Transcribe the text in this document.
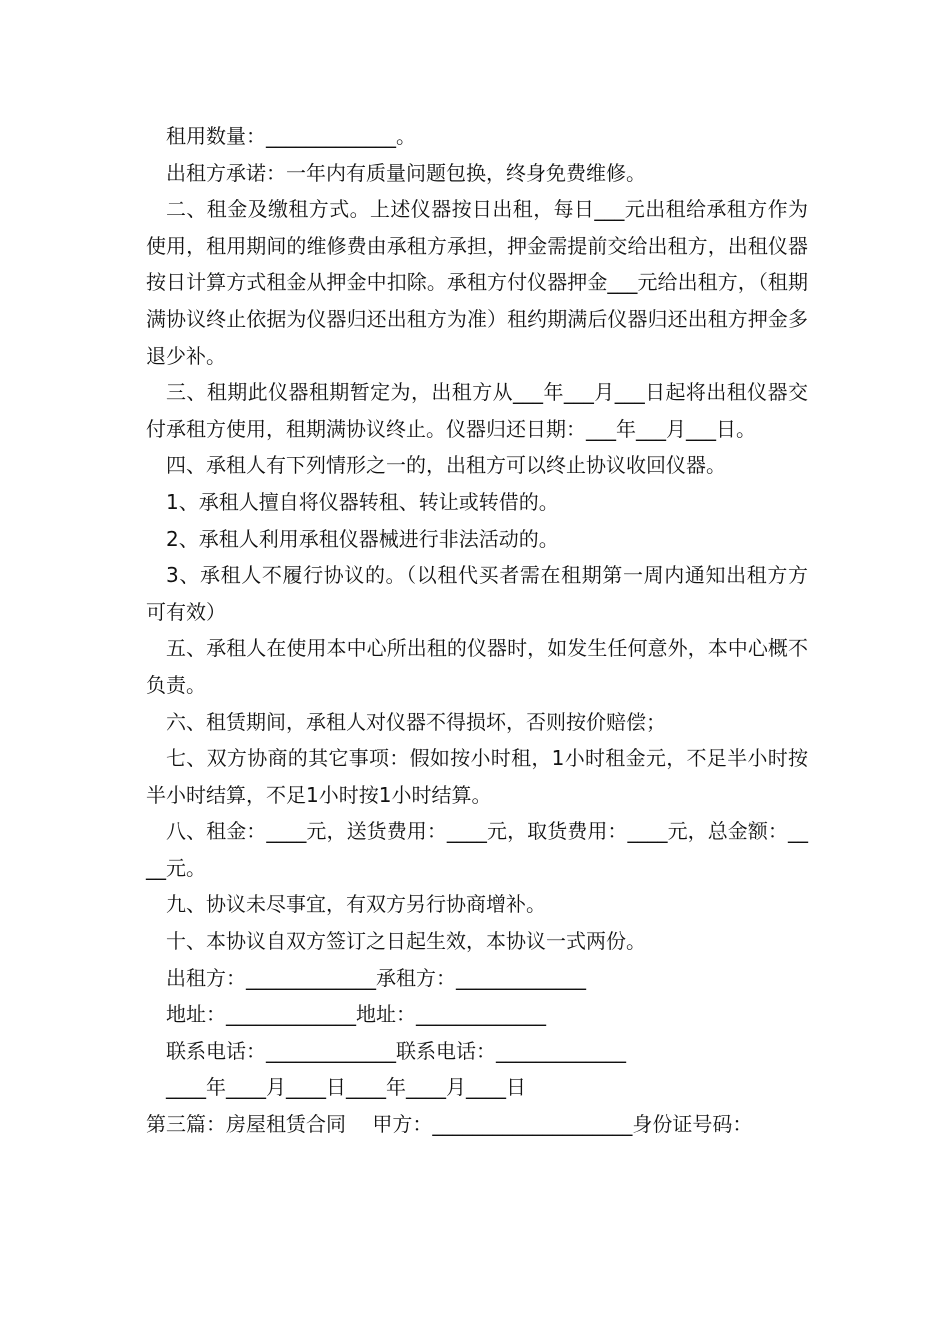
租用数量：_____________。

出租方承诺：一年内有质量问题包换，终身免费维修。

二、租金及缴租方式。上述仪器按日出租，每日___元出租给承租方作为使用，租用期间的维修费由承租方承担，押金需提前交给出租方，出租仪器按日计算方式租金从押金中扣除。承租方付仪器押金___元给出租方，（租期满协议终止依据为仪器归还出租方为准）租约期满后仪器归还出租方押金多退少补。

三、租期此仪器租期暂定为，出租方从___年___月___日起将出租仪器交付承租方使用，租期满协议终止。仪器归还日期：___年___月___日。

四、承租人有下列情形之一的，出租方可以终止协议收回仪器。

1、承租人擅自将仪器转租、转让或转借的。

2、承租人利用承租仪器械进行非法活动的。

3、承租人不履行协议的。（以租代买者需在租期第一周内通知出租方方可有效）

五、承租人在使用本中心所出租的仪器时，如发生任何意外，本中心概不负责。

六、租赁期间，承租人对仪器不得损坏，否则按价赔偿；

七、双方协商的其它事项：假如按小时租，1小时租金元，不足半小时按半小时结算，不足1小时按1小时结算。

八、租金：____元，送货费用：____元，取货费用：____元，总金额：____元。

九、协议未尽事宜，有双方另行协商增补。

十、本协议自双方签订之日起生效，本协议一式两份。

出租方：_____________承租方：_____________

地址：_____________地址：_____________

联系电话：_____________联系电话：_____________

____年____月____日____年____月____日

第三篇：房屋租赁合同　 甲方：____________________身份证号码：
